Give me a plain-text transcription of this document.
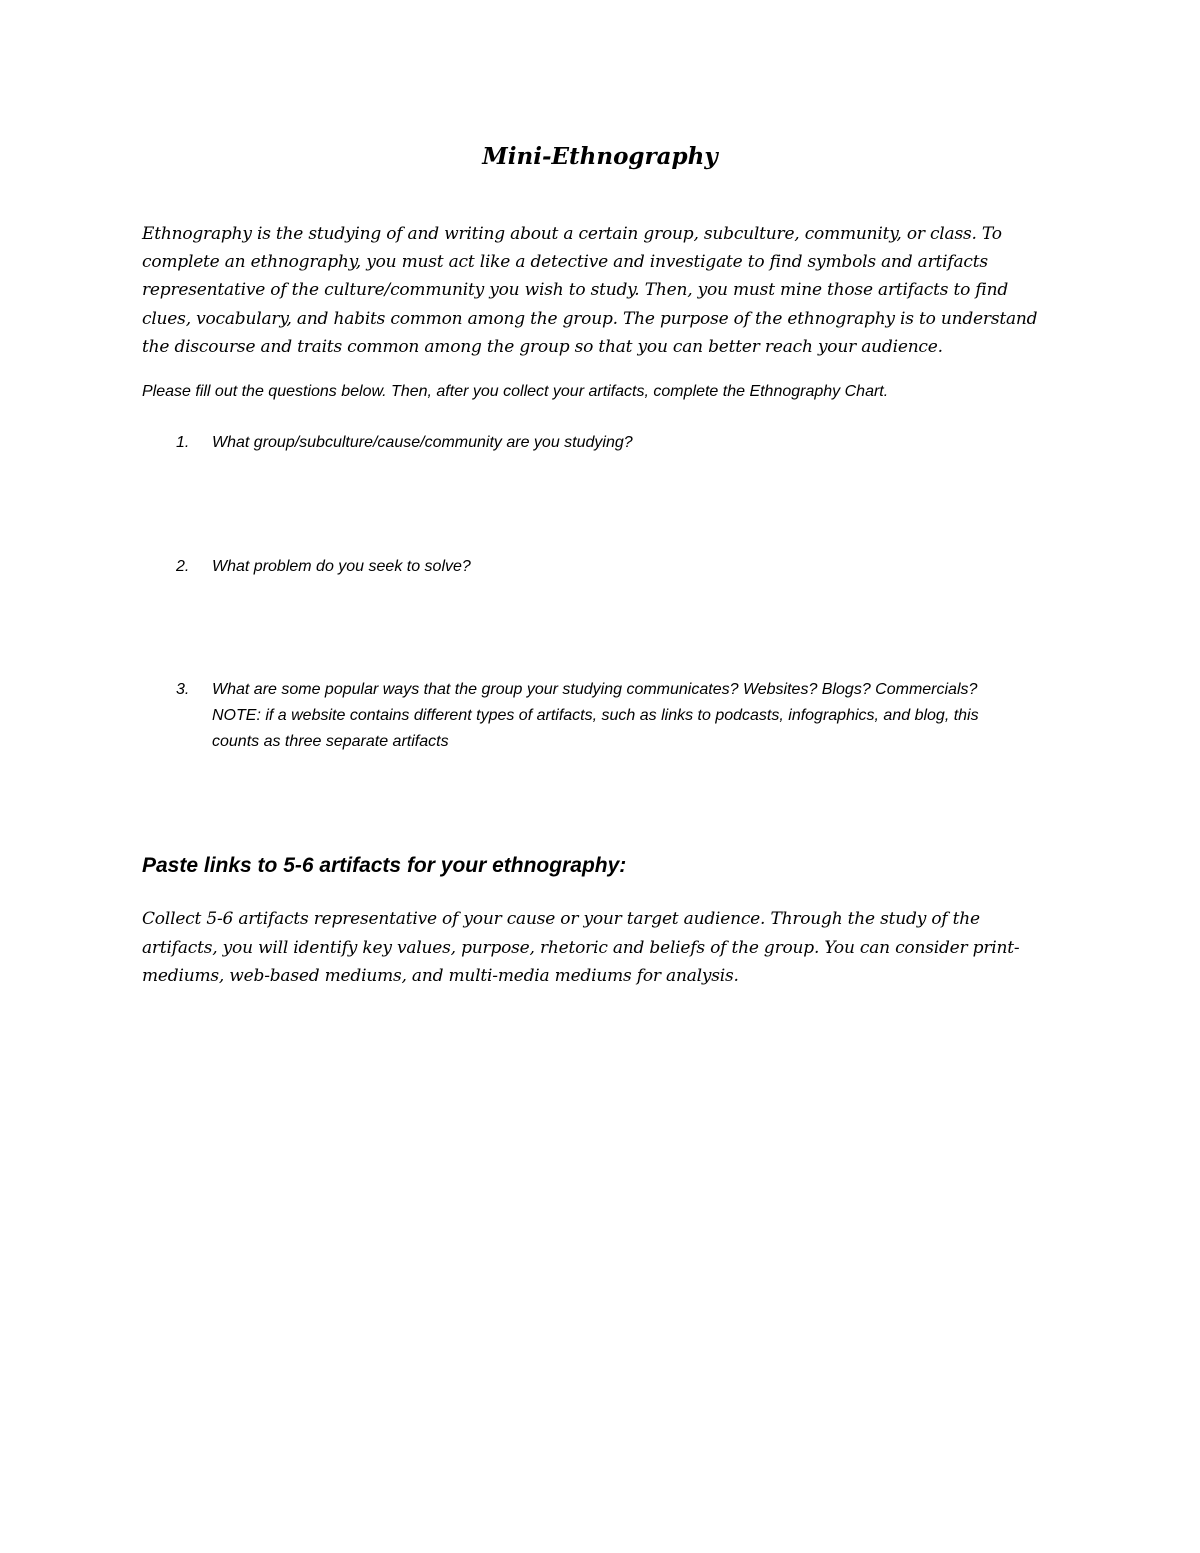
Mini-Ethnography

Ethnography is the studying of and writing about a certain group, subculture, community, or class. To complete an ethnography, you must act like a detective and investigate to find symbols and artifacts representative of the culture/community you wish to study. Then, you must mine those artifacts to find clues, vocabulary, and habits common among the group. The purpose of the ethnography is to understand the discourse and traits common among the group so that you can better reach your audience.

Please fill out the questions below. Then, after you collect your artifacts, complete the Ethnography Chart.

1. What group/subculture/cause/community are you studying?
2. What problem do you seek to solve?
3. What are some popular ways that the group your studying communicates? Websites? Blogs? Commercials? NOTE: if a website contains different types of artifacts, such as links to podcasts, infographics, and blog, this counts as three separate artifacts
Paste links to 5-6 artifacts for your ethnography:

Collect 5-6 artifacts representative of your cause or your target audience. Through the study of the artifacts, you will identify key values, purpose, rhetoric and beliefs of the group. You can consider print-mediums, web-based mediums, and multi-media mediums for analysis.
